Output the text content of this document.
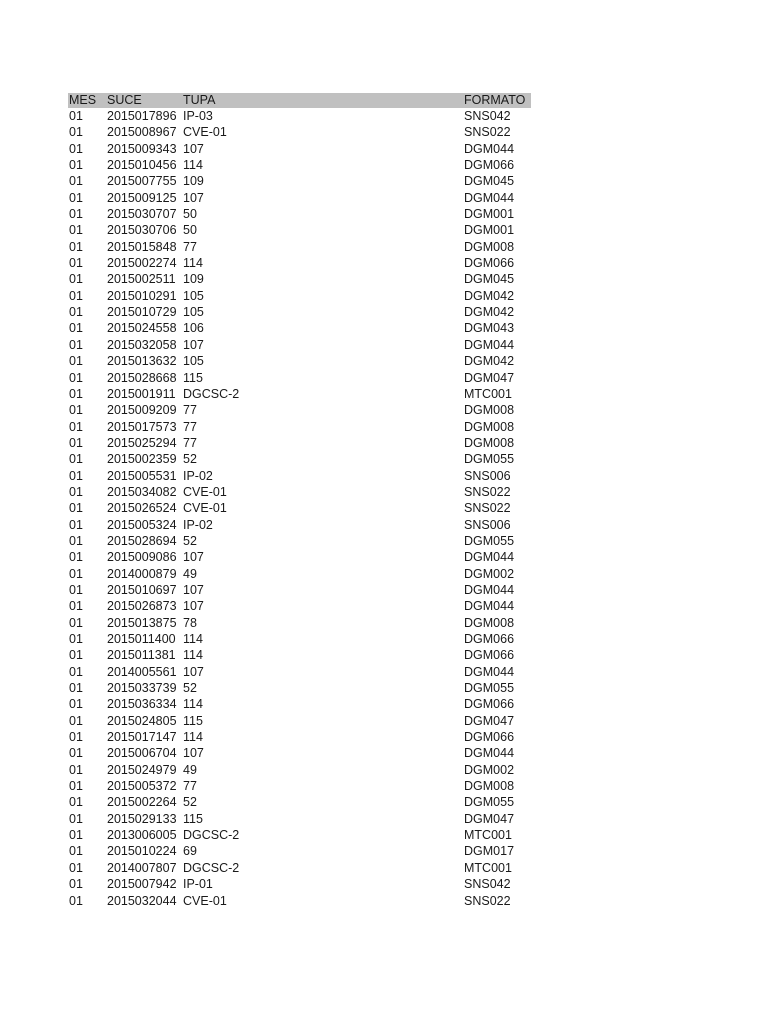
MES SUCE	TUPA	FORMATO
01 2015017896 IP-03	SNS042
01 2015008967 CVE-01	SNS022
01 2015009343 107	DGM044
01 2015010456 114	DGM066
01 2015007755 109	DGM045
01 2015009125 107	DGM044
01 2015030707 50	DGM001
01 2015030706 50	DGM001
01 2015015848 77	DGM008
01 2015002274 114	DGM066
01 2015002511 109	DGM045
01 2015010291 105	DGM042
01 2015010729 105	DGM042
01 2015024558 106	DGM043
01 2015032058 107	DGM044
01 2015013632 105	DGM042
01 2015028668 115	DGM047
01 2015001911 DGCSC-2	MTC001
01 2015009209 77	DGM008
01 2015017573 77	DGM008
01 2015025294 77	DGM008
01 2015002359 52	DGM055
01 2015005531 IP-02	SNS006
01 2015034082 CVE-01	SNS022
01 2015026524 CVE-01	SNS022
01 2015005324 IP-02	SNS006
01 2015028694 52	DGM055
01 2015009086 107	DGM044
01 2014000879 49	DGM002
01 2015010697 107	DGM044
01 2015026873 107	DGM044
01 2015013875 78	DGM008
01 2015011400 114	DGM066
01 2015011381 114	DGM066
01 2014005561 107	DGM044
01 2015033739 52	DGM055
01 2015036334 114	DGM066
01 2015024805 115	DGM047
01 2015017147 114	DGM066
01 2015006704 107	DGM044
01 2015024979 49	DGM002
01 2015005372 77	DGM008
01 2015002264 52	DGM055
01 2015029133 115	DGM047
01 2013006005 DGCSC-2	MTC001
01 2015010224 69	DGM017
01 2014007807 DGCSC-2	MTC001
01 2015007942 IP-01	SNS042
01 2015032044 CVE-01	SNS022
